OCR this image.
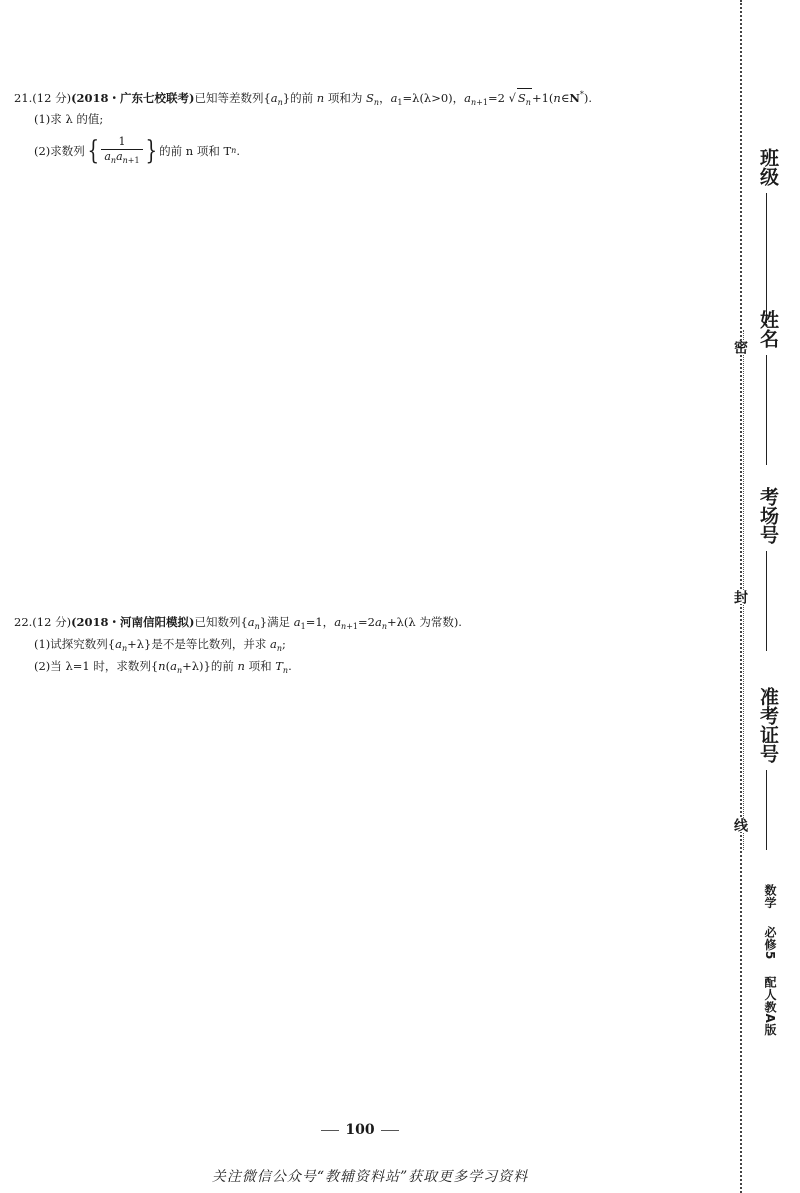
21.(12 分)(2018・广东七校联考)已知等差数列$\{a_n\}$的前 n 项和为 $S_n$，$a_1=\lambda(\lambda>0)$，$a_{n+1}=2$ √ $S_n+1(n\in N^*)$.
(1)求 λ 的值;
(2)求数列 { $\frac{1}{a_na_{n+1}}$ } 的前 n 项和 T n .
22.(12 分)(2018・河南信阳模拟)已知数列$\{a_n\}$满足 $a_1=1$，$a_{n+1}=2a_n+\lambda(\lambda$ 为常数).
(1)试探究数列$\{a_n+\lambda\}$是不是等比数列，并求 $a_n$;
(2)当 λ=1 时，求数列$\{n(a_n+\lambda)\}$的前 n 项和 $T_n$.
100
关注微信公众号“教辅资料站”获取更多学习资料
密
封
线
班级
姓名
考场号
准考证号
数学 必修5 配人教A版
